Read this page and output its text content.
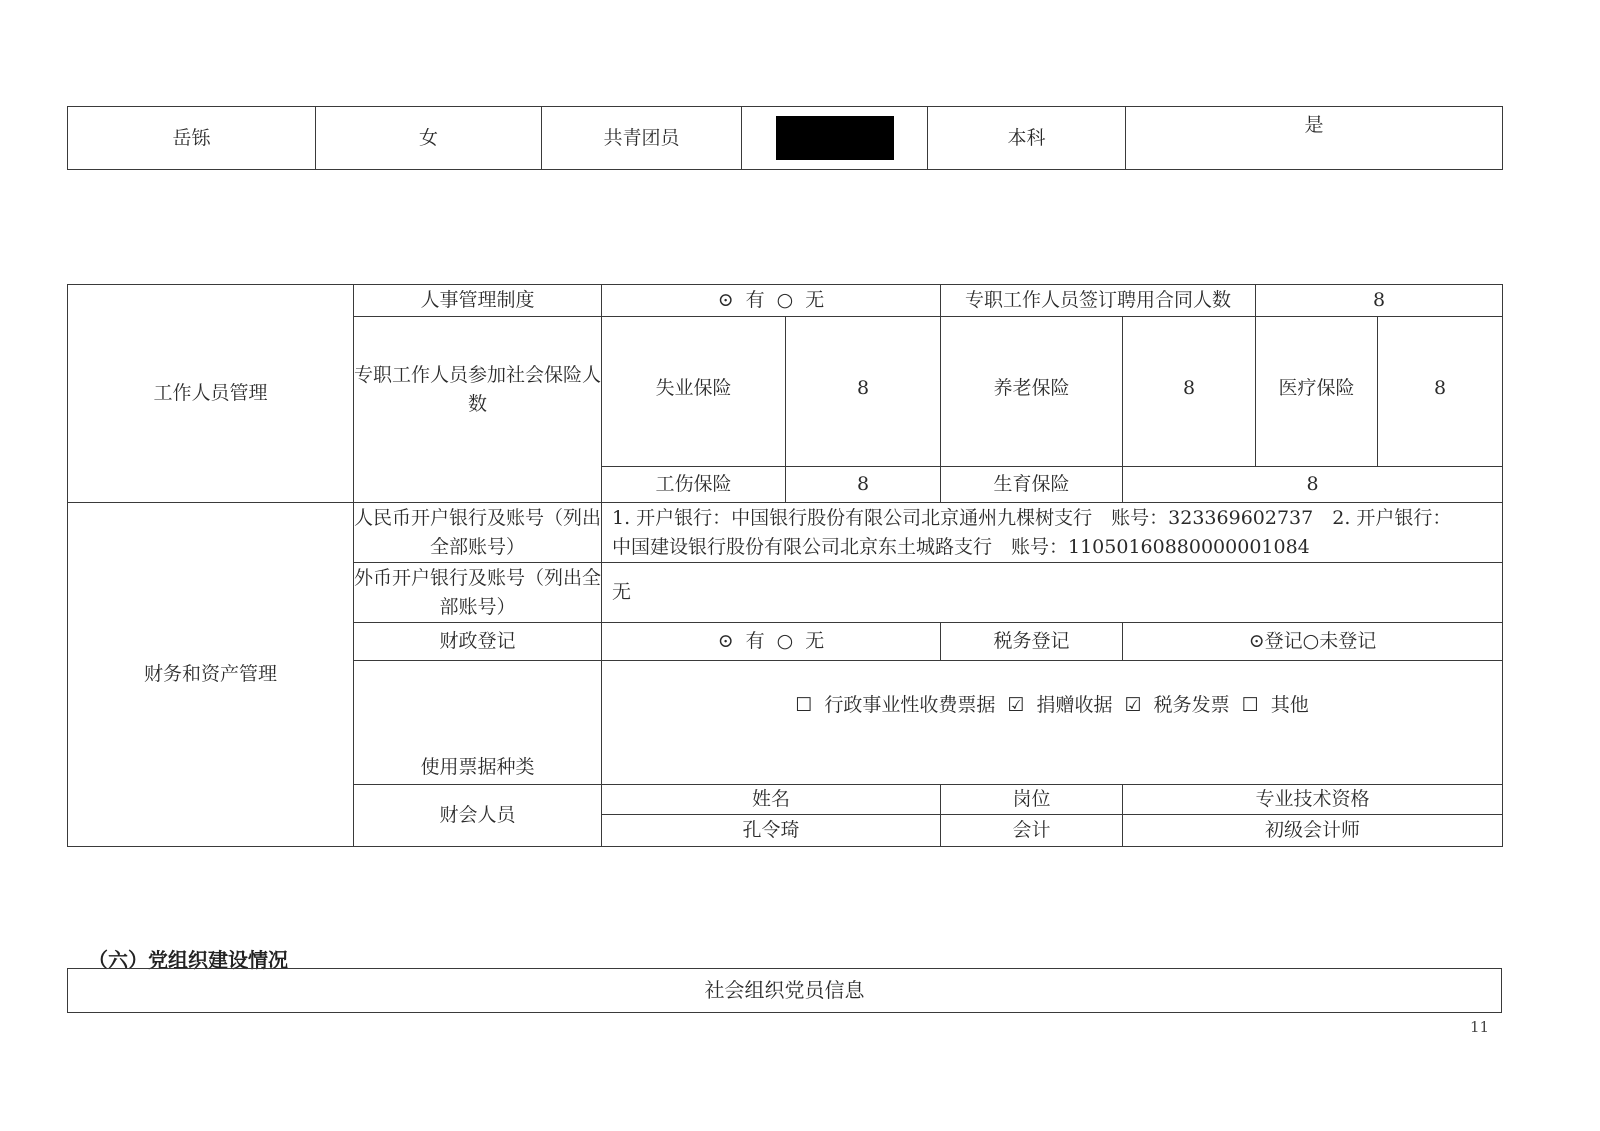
岳铄	女	共青团员		本科	是
工作人员管理	人事管理制度	⊙ 有 ○ 无		专职工作人员签订聘用合同人数		8	
	专职工作人员参加社会保险人数	失业保险	8	养老保险	8	医疗保险	8
		工伤保险	8	生育保险	8		
财务和资产管理	人民币开户银行及账号（列出全部账号）	1. 开户银行：中国银行股份有限公司北京通州九棵树支行　账号：323369602737　2. 开户银行：
中国建设银行股份有限公司北京东土城路支行　账号：11050160880000001084					

	外币开户银行及账号（列出全部账号）	无					
	财政登记	⊙ 有 ○ 无		税务登记	⊙登记○未登记		
	使用票据种类	☐ 行政事业性收费票据 ☑ 捐赠收据 ☑ 税务发票 ☐ 其他					
	财会人员	姓名		岗位	专业技术资格		
		孔令琦		会计	初级会计师		
（六）党组织建设情况
社会组织党员信息
11
